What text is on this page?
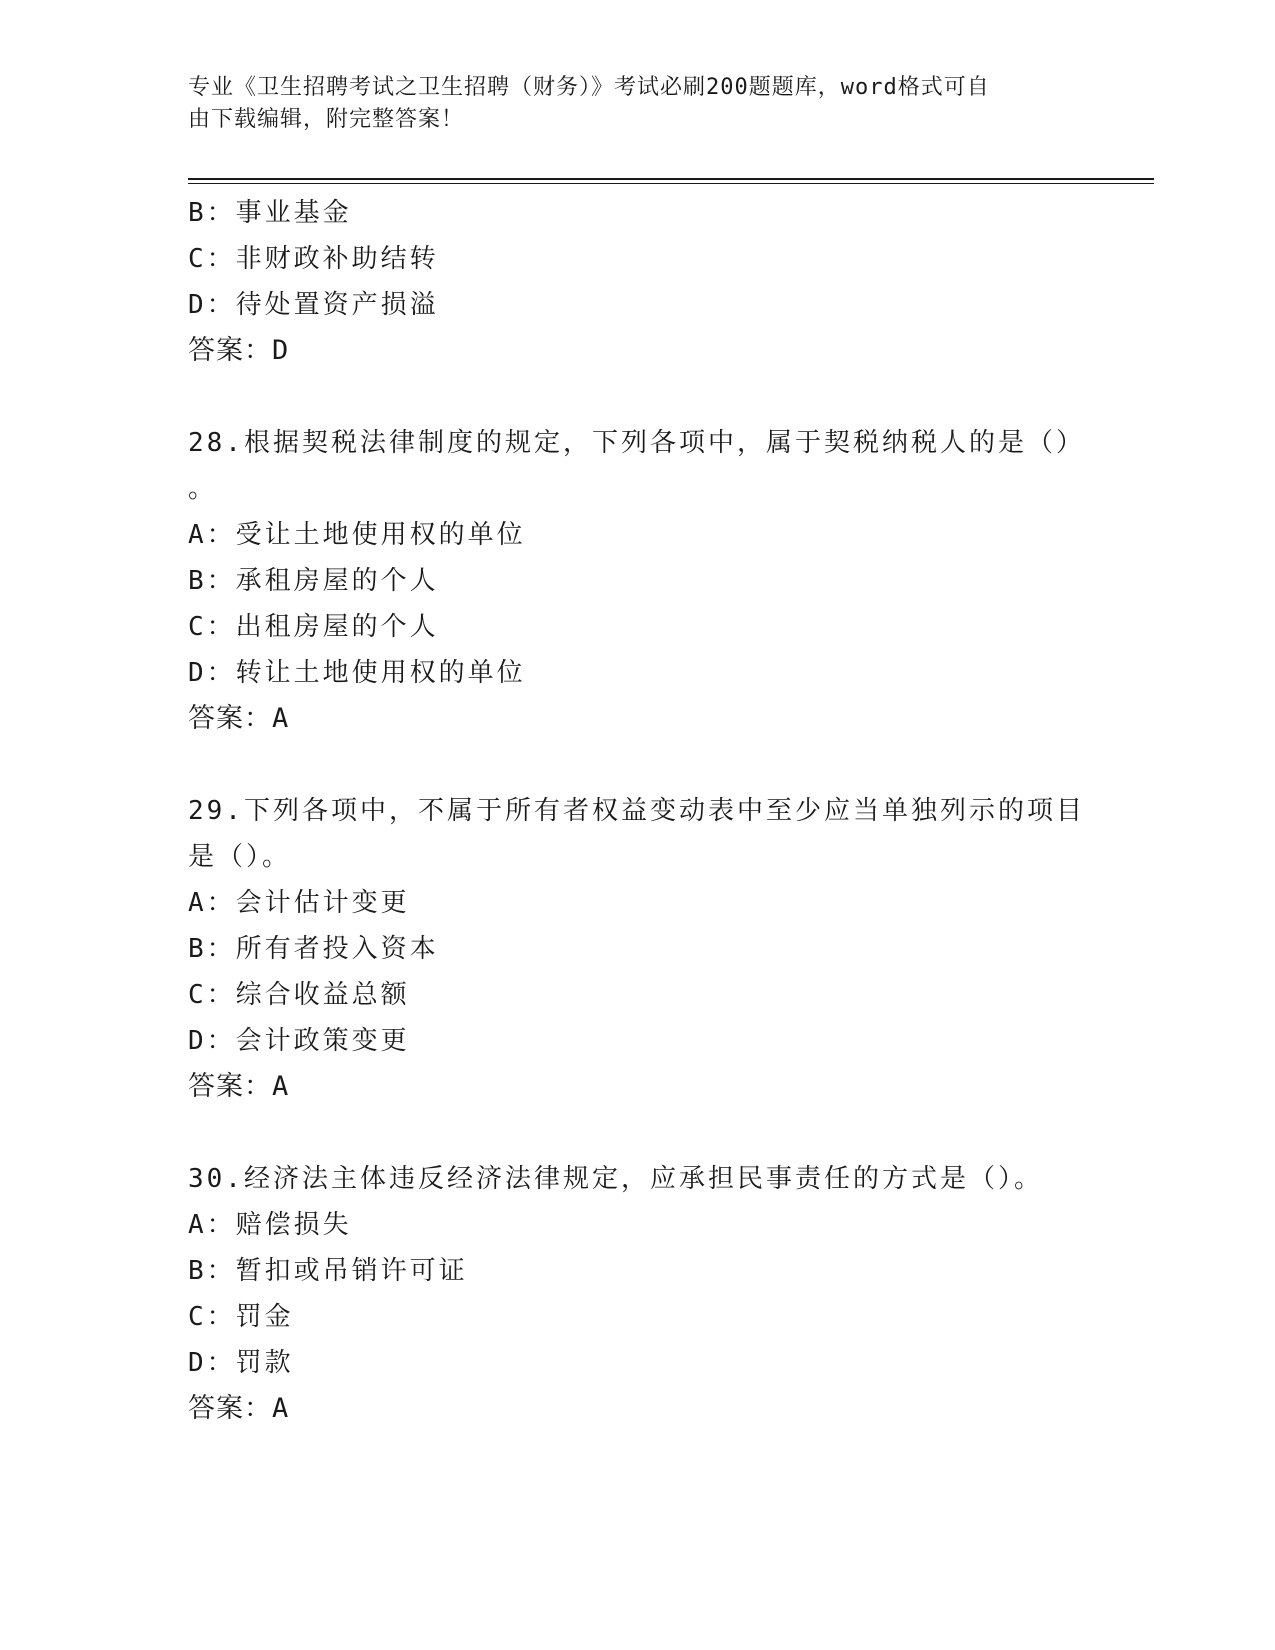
专业《卫生招聘考试之卫生招聘（财务）》考试必刷200题题库，word格式可自
由下载编辑，附完整答案！
B：事业基金
C：非财政补助结转
D：待处置资产损溢
答案：D
28.根据契税法律制度的规定，下列各项中，属于契税纳税人的是（）
。
A：受让土地使用权的单位
B：承租房屋的个人
C：出租房屋的个人
D：转让土地使用权的单位
答案：A
29.下列各项中，不属于所有者权益变动表中至少应当单独列示的项目
是（）。
A：会计估计变更
B：所有者投入资本
C：综合收益总额
D：会计政策变更
答案：A
30.经济法主体违反经济法律规定，应承担民事责任的方式是（）。
A：赔偿损失
B：暂扣或吊销许可证
C：罚金
D：罚款
答案：A
